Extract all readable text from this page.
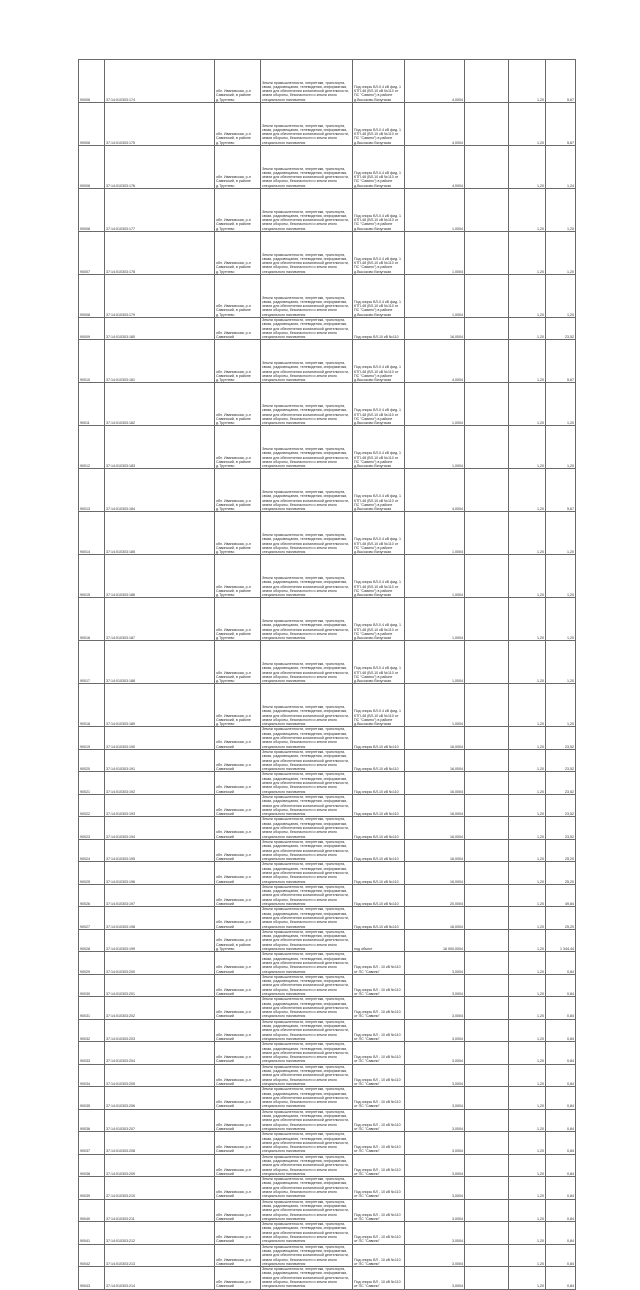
90006	37:14:010303:174	обл. Ивановская, р-н Савинский, в районе д.Трутнево	Земли промышленности, энергетики, транспорта, связи, радиовещания, телевидения, информатики, земли для обеспечения космической деятельности, земли обороны, безопасности и земли иного специального назначения	Под опоры ВЛ-0.4 кВ фид. 1 КТП-48 (ВЛ-10 кВ №110 от ПС "Савино") в районе д.Высоково Вичугская	4,0004		1,20	5,67
90006	37:14:010303:175	обл. Ивановская, р-н Савинский, в районе д.Трутнево	Земли промышленности, энергетики, транспорта, связи, радиовещания, телевидения, информатики, земли для обеспечения космической деятельности, земли обороны, безопасности и земли иного специального назначения	Под опоры ВЛ-0.4 кВ фид. 1 КТП-48 (ВЛ-10 кВ №110 от ПС "Савино") в районе д.Высоково Вичугская	4,0004		1,20	5,67
90006	37:14:010303:176	обл. Ивановская, р-н Савинский, в районе д.Трутнево	Земли промышленности, энергетики, транспорта, связи, радиовещания, телевидения, информатики, земли для обеспечения космической деятельности, земли обороны, безопасности и земли иного специального назначения	Под опоры ВЛ-0.4 кВ фид. 1 КТП-48 (ВЛ-10 кВ №110 от ПС "Савино") в районе д.Высоково Вичугская	4,0004		1,20	1,24
90006	37:14:010303:177	обл. Ивановская, р-н Савинский, в районе д.Трутнево	Земли промышленности, энергетики, транспорта, связи, радиовещания, телевидения, информатики, земли для обеспечения космической деятельности, земли обороны, безопасности и земли иного специального назначения	Под опоры ВЛ-0.4 кВ фид. 1 КТП-48 (ВЛ-10 кВ №110 от ПС "Савино") в районе д.Высоково Вичугская	1,0004		1,20	1,20
90007	37:14:010303:178	обл. Ивановская, р-н Савинский, в районе д.Трутнево	Земли промышленности, энергетики, транспорта, связи, радиовещания, телевидения, информатики, земли для обеспечения космической деятельности, земли обороны, безопасности и земли иного специального назначения	Под опоры ВЛ-0.4 кВ фид. 1 КТП-48 (ВЛ-10 кВ №110 от ПС "Савино") в районе д.Высоково Вичугская	1,0004		1,20	1,20
90008	37:14:010303:179	обл. Ивановская, р-н Савинский, в районе д.Трутнево	Земли промышленности, энергетики, транспорта, связи, радиовещания, телевидения, информатики, земли для обеспечения космической деятельности, земли обороны, безопасности и земли иного специального назначения	Под опоры ВЛ-0.4 кВ фид. 1 КТП-48 (ВЛ-10 кВ №110 от ПС "Савино") в районе д.Высоково Вичугская	1,0004		1,20	1,20
90009	37:14:010303:180	обл. Ивановская, р-н Савинский	Земли промышленности, энергетики, транспорта, связи, радиовещания, телевидения, информатики, земли для обеспечения космической деятельности, земли обороны, безопасности и земли иного специального назначения	Под опоры ВЛ-10 кВ №110	16,0004		1,20	23,52
90010	37:14:010303:181	обл. Ивановская, р-н Савинский, в районе д.Трутнево	Земли промышленности, энергетики, транспорта, связи, радиовещания, телевидения, информатики, земли для обеспечения космической деятельности, земли обороны, безопасности и земли иного специального назначения	Под опоры ВЛ-0.4 кВ фид. 1 КТП-48 (ВЛ-10 кВ №110 от ПС "Савино") в районе д.Высоково Вичугская	4,0004		1,20	5,67
90011	37:14:010303:182	обл. Ивановская, р-н Савинский, в районе д.Трутнево	Земли промышленности, энергетики, транспорта, связи, радиовещания, телевидения, информатики, земли для обеспечения космической деятельности, земли обороны, безопасности и земли иного специального назначения	Под опоры ВЛ-0.4 кВ фид. 1 КТП-48 (ВЛ-10 кВ №110 от ПС "Савино") в районе д.Высоково Вичугская	1,0004		1,20	1,20
90012	37:14:010303:183	обл. Ивановская, р-н Савинский, в районе д.Трутнево	Земли промышленности, энергетики, транспорта, связи, радиовещания, телевидения, информатики, земли для обеспечения космической деятельности, земли обороны, безопасности и земли иного специального назначения	Под опоры ВЛ-0.4 кВ фид. 1 КТП-48 (ВЛ-10 кВ №110 от ПС "Савино") в районе д.Высоково Вичугская	1,0004		1,20	1,20
90013	37:14:010303:184	обл. Ивановская, р-н Савинский, в районе д.Трутнево	Земли промышленности, энергетики, транспорта, связи, радиовещания, телевидения, информатики, земли для обеспечения космической деятельности, земли обороны, безопасности и земли иного специального назначения	Под опоры ВЛ-0.4 кВ фид. 1 КТП-48 (ВЛ-10 кВ №110 от ПС "Савино") в районе д.Высоково Вичугская	4,0004		1,20	5,67
90014	37:14:010303:185	обл. Ивановская, р-н Савинский, в районе д.Трутнево	Земли промышленности, энергетики, транспорта, связи, радиовещания, телевидения, информатики, земли для обеспечения космической деятельности, земли обороны, безопасности и земли иного специального назначения	Под опоры ВЛ-0.4 кВ фид. 1 КТП-48 (ВЛ-10 кВ №110 от ПС "Савино") в районе д.Высоково Вичугская	1,0004		1,20	1,20
90015	37:14:010303:186	обл. Ивановская, р-н Савинский, в районе д.Трутнево	Земли промышленности, энергетики, транспорта, связи, радиовещания, телевидения, информатики, земли для обеспечения космической деятельности, земли обороны, безопасности и земли иного специального назначения	Под опоры ВЛ-0.4 кВ фид. 1 КТП-48 (ВЛ-10 кВ №110 от ПС "Савино") в районе д.Высоково Вичугская	1,0004		1,20	1,20
90016	37:14:010303:187	обл. Ивановская, р-н Савинский, в районе д.Трутнево	Земли промышленности, энергетики, транспорта, связи, радиовещания, телевидения, информатики, земли для обеспечения космической деятельности, земли обороны, безопасности и земли иного специального назначения	Под опоры ВЛ-0.4 кВ фид. 1 КТП-48 (ВЛ-10 кВ №110 от ПС "Савино") в районе д.Высоково Вичугская	1,0004		1,20	1,20
90017	37:14:010303:188	обл. Ивановская, р-н Савинский, в районе д.Трутнево	Земли промышленности, энергетики, транспорта, связи, радиовещания, телевидения, информатики, земли для обеспечения космической деятельности, земли обороны, безопасности и земли иного специального назначения	Под опоры ВЛ-0.4 кВ фид. 1 КТП-48 (ВЛ-10 кВ №110 от ПС "Савино") в районе д.Высоково Вичугская	1,0004		1,20	1,20
90018	37:14:010303:189	обл. Ивановская, р-н Савинский, в районе д.Трутнево	Земли промышленности, энергетики, транспорта, связи, радиовещания, телевидения, информатики, земли для обеспечения космической деятельности, земли обороны, безопасности и земли иного специального назначения	Под опоры ВЛ-0.4 кВ фид. 1 КТП-48 (ВЛ-10 кВ №110 от ПС "Савино") в районе д.Высоково Вичугская	1,0004		1,20	1,20
90019	37:14:010303:190	обл. Ивановская, р-н Савинский	Земли промышленности, энергетики, транспорта, связи, радиовещания, телевидения, информатики, земли для обеспечения космической деятельности, земли обороны, безопасности и земли иного специального назначения	Под опоры ВЛ-10 кВ №110	16,0004		1,20	23,52
90020	37:14:010303:191	обл. Ивановская, р-н Савинский	Земли промышленности, энергетики, транспорта, связи, радиовещания, телевидения, информатики, земли для обеспечения космической деятельности, земли обороны, безопасности и земли иного специального назначения	Под опоры ВЛ-10 кВ №110	16,0004		1,20	23,52
90021	37:14:010303:192	обл. Ивановская, р-н Савинский	Земли промышленности, энергетики, транспорта, связи, радиовещания, телевидения, информатики, земли для обеспечения космической деятельности, земли обороны, безопасности и земли иного специального назначения	Под опоры ВЛ-10 кВ №110	16,0004		1,20	23,52
90022	37:14:010303:193	обл. Ивановская, р-н Савинский	Земли промышленности, энергетики, транспорта, связи, радиовещания, телевидения, информатики, земли для обеспечения космической деятельности, земли обороны, безопасности и земли иного специального назначения	Под опоры ВЛ-10 кВ №110	16,0004		1,20	23,52
90023	37:14:010303:194	обл. Ивановская, р-н Савинский	Земли промышленности, энергетики, транспорта, связи, радиовещания, телевидения, информатики, земли для обеспечения космической деятельности, земли обороны, безопасности и земли иного специального назначения	Под опоры ВЛ-10 кВ №110	16,0004		1,20	23,52
90024	37:14:010303:195	обл. Ивановская, р-н Савинский	Земли промышленности, энергетики, транспорта, связи, радиовещания, телевидения, информатики, земли для обеспечения космической деятельности, земли обороны, безопасности и земли иного специального назначения	Под опоры ВЛ-10 кВ №110	16,0004		1,20	25,20
90025	37:14:010303:196	обл. Ивановская, р-н Савинский	Земли промышленности, энергетики, транспорта, связи, радиовещания, телевидения, информатики, земли для обеспечения космической деятельности, земли обороны, безопасности и земли иного специального назначения	Под опоры ВЛ-10 кВ №110	16,0004		1,20	25,20
90026	37:14:010303:197	обл. Ивановская, р-н Савинский	Земли промышленности, энергетики, транспорта, связи, радиовещания, телевидения, информатики, земли для обеспечения космической деятельности, земли обороны, безопасности и земли иного специального назначения	Под опоры ВЛ-10 кВ №110	20,0004		1,20	49,84
90027	37:14:010303:198	обл. Ивановская, р-н Савинский	Земли промышленности, энергетики, транспорта, связи, радиовещания, телевидения, информатики, земли для обеспечения космической деятельности, земли обороны, безопасности и земли иного специального назначения	Под опоры ВЛ-10 кВ №110	16,0004		1,20	25,20
90028	37:14:010303:199	обл. Ивановская, р-н Савинский, в районе д.Трутнево	Земли промышленности, энергетики, транспорта, связи, радиовещания, телевидения, информатики, земли для обеспечения космической деятельности, земли обороны, безопасности и земли иного специального назначения	под объект	16 000,0004		1,20	1 344,44
90029	37:14:010303:200	обл. Ивановская, р-н Савинский	Земли промышленности, энергетики, транспорта, связи, радиовещания, телевидения, информатики, земли для обеспечения космической деятельности, земли обороны, безопасности и земли иного специального назначения	Под опоры ВЛ - 10 кВ №110 от ПС "Савино"	3,0004		1,20	0,84
90030	37:14:010303:201	обл. Ивановская, р-н Савинский	Земли промышленности, энергетики, транспорта, связи, радиовещания, телевидения, информатики, земли для обеспечения космической деятельности, земли обороны, безопасности и земли иного специального назначения	Под опоры ВЛ - 10 кВ №110 от ПС "Савино"	3,0004		1,20	0,84
90031	37:14:010303:202	обл. Ивановская, р-н Савинский	Земли промышленности, энергетики, транспорта, связи, радиовещания, телевидения, информатики, земли для обеспечения космической деятельности, земли обороны, безопасности и земли иного специального назначения	Под опоры ВЛ - 10 кВ №110 от ПС "Савино"	3,0004		1,20	0,84
90032	37:14:010303:203	обл. Ивановская, р-н Савинский	Земли промышленности, энергетики, транспорта, связи, радиовещания, телевидения, информатики, земли для обеспечения космической деятельности, земли обороны, безопасности и земли иного специального назначения	Под опоры ВЛ - 10 кВ №110 от ПС "Савино"	3,0004		1,20	0,84
90033	37:14:010303:204	обл. Ивановская, р-н Савинский	Земли промышленности, энергетики, транспорта, связи, радиовещания, телевидения, информатики, земли для обеспечения космической деятельности, земли обороны, безопасности и земли иного специального назначения	Под опоры ВЛ - 10 кВ №110 от ПС "Савино"	3,0004		1,20	0,84
90034	37:14:010303:205	обл. Ивановская, р-н Савинский	Земли промышленности, энергетики, транспорта, связи, радиовещания, телевидения, информатики, земли для обеспечения космической деятельности, земли обороны, безопасности и земли иного специального назначения	Под опоры ВЛ - 10 кВ №110 от ПС "Савино"	3,0004		1,20	0,84
90035	37:14:010303:206	обл. Ивановская, р-н Савинский	Земли промышленности, энергетики, транспорта, связи, радиовещания, телевидения, информатики, земли для обеспечения космической деятельности, земли обороны, безопасности и земли иного специального назначения	Под опоры ВЛ - 10 кВ №110 от ПС "Савино"	3,0004		1,20	0,84
90036	37:14:010303:207	обл. Ивановская, р-н Савинский	Земли промышленности, энергетики, транспорта, связи, радиовещания, телевидения, информатики, земли для обеспечения космической деятельности, земли обороны, безопасности и земли иного специального назначения	Под опоры ВЛ - 10 кВ №110 от ПС "Савино"	3,0004		1,20	0,84
90037	37:14:010303:208	обл. Ивановская, р-н Савинский	Земли промышленности, энергетики, транспорта, связи, радиовещания, телевидения, информатики, земли для обеспечения космической деятельности, земли обороны, безопасности и земли иного специального назначения	Под опоры ВЛ - 10 кВ №110 от ПС "Савино"	3,0004		1,20	0,84
90038	37:14:010303:209	обл. Ивановская, р-н Савинский	Земли промышленности, энергетики, транспорта, связи, радиовещания, телевидения, информатики, земли для обеспечения космической деятельности, земли обороны, безопасности и земли иного специального назначения	Под опоры ВЛ - 10 кВ №110 от ПС "Савино"	3,0004		1,20	0,84
90039	37:14:010303:210	обл. Ивановская, р-н Савинский	Земли промышленности, энергетики, транспорта, связи, радиовещания, телевидения, информатики, земли для обеспечения космической деятельности, земли обороны, безопасности и земли иного специального назначения	Под опоры ВЛ - 10 кВ №110 от ПС "Савино"	3,0004		1,20	0,84
90040	37:14:010303:211	обл. Ивановская, р-н Савинский	Земли промышленности, энергетики, транспорта, связи, радиовещания, телевидения, информатики, земли для обеспечения космической деятельности, земли обороны, безопасности и земли иного специального назначения	Под опоры ВЛ - 10 кВ №110 от ПС "Савино"	3,0004		1,20	0,84
90041	37:14:010303:212	обл. Ивановская, р-н Савинский	Земли промышленности, энергетики, транспорта, связи, радиовещания, телевидения, информатики, земли для обеспечения космической деятельности, земли обороны, безопасности и земли иного специального назначения	Под опоры ВЛ - 10 кВ №110 от ПС "Савино"	3,0004		1,20	0,84
90042	37:14:010303:213	обл. Ивановская, р-н Савинский	Земли промышленности, энергетики, транспорта, связи, радиовещания, телевидения, информатики, земли для обеспечения космической деятельности, земли обороны, безопасности и земли иного специального назначения	Под опоры ВЛ - 10 кВ №110 от ПС "Савино"	3,0004		1,20	0,84
90043	37:14:010303:214	обл. Ивановская, р-н Савинский	Земли промышленности, энергетики, транспорта, связи, радиовещания, телевидения, информатики, земли для обеспечения космической деятельности, земли обороны, безопасности и земли иного специального назначения	Под опоры ВЛ - 10 кВ №110 от ПС "Савино"	3,0004		1,20	0,84
